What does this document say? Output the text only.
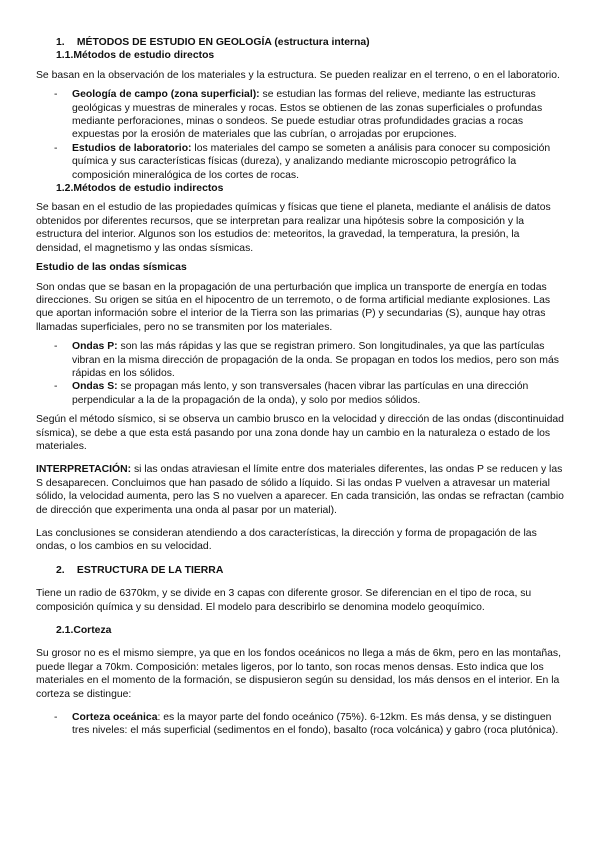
1. MÉTODOS DE ESTUDIO EN GEOLOGÍA (estructura interna)

1.1.Métodos de estudio directos

Se basan en la observación de los materiales y la estructura. Se pueden realizar en el terreno, o en el laboratorio.

- Geología de campo (zona superficial): se estudian las formas del relieve, mediante las estructuras geológicas y muestras de minerales y rocas. Estos se obtienen de las zonas superficiales o profundas mediante perforaciones, minas o sondeos. Se puede estudiar otras profundidades gracias a rocas expuestas por la erosión de materiales que las cubrían, o arrojadas por erupciones.
- Estudios de laboratorio: los materiales del campo se someten a análisis para conocer su composición química y sus características físicas (dureza), y analizando mediante microscopio petrográfico la composición mineralógica de los cortes de rocas.

1.2.Métodos de estudio indirectos

Se basan en el estudio de las propiedades químicas y físicas que tiene el planeta, mediante el análisis de datos obtenidos por diferentes recursos, que se interpretan para realizar una hipótesis sobre la composición y la estructura del interior. Algunos son los estudios de: meteoritos, la gravedad, la temperatura, la presión, la densidad, el magnetismo y las ondas sísmicas.

Estudio de las ondas sísmicas

Son ondas que se basan en la propagación de una perturbación que implica un transporte de energía en todas direcciones. Su origen se sitúa en el hipocentro de un terremoto, o de forma artificial mediante explosiones. Las que aportan información sobre el interior de la Tierra son las primarias (P) y secundarias (S), aunque hay otras llamadas superficiales, pero no se transmiten por los materiales.

- Ondas P: son las más rápidas y las que se registran primero. Son longitudinales, ya que las partículas vibran en la misma dirección de propagación de la onda. Se propagan en todos los medios, pero son más rápidas en los sólidos.
- Ondas S: se propagan más lento, y son transversales (hacen vibrar las partículas en una dirección perpendicular a la de la propagación de la onda), y solo por medios sólidos.

Según el método sísmico, si se observa un cambio brusco en la velocidad y dirección de las ondas (discontinuidad sísmica), se debe a que esta está pasando por una zona donde hay un cambio en la naturaleza o estado de los materiales.

INTERPRETACIÓN: si las ondas atraviesan el límite entre dos materiales diferentes, las ondas P se reducen y las S desaparecen. Concluimos que han pasado de sólido a líquido. Si las ondas P vuelven a atravesar un material sólido, la velocidad aumenta, pero las S no vuelven a aparecer. En cada transición, las ondas se refractan (cambio de dirección que experimenta una onda al pasar por un material).

Las conclusiones se consideran atendiendo a dos características, la dirección y forma de propagación de las ondas, o los cambios en su velocidad.

2. ESTRUCTURA DE LA TIERRA

Tiene un radio de 6370km, y se divide en 3 capas con diferente grosor. Se diferencian en el tipo de roca, su composición química y su densidad. El modelo para describirlo se denomina modelo geoquímico.

2.1.Corteza

Su grosor no es el mismo siempre, ya que en los fondos oceánicos no llega a más de 6km, pero en las montañas, puede llegar a 70km. Composición: metales ligeros, por lo tanto, son rocas menos densas. Esto indica que los materiales en el momento de la formación, se dispusieron según su densidad, los más densos en el interior. En la corteza se distingue:

- Corteza oceánica: es la mayor parte del fondo oceánico (75%). 6-12km. Es más densa, y se distinguen tres niveles: el más superficial (sedimentos en el fondo), basalto (roca volcánica) y gabro (roca plutónica).
